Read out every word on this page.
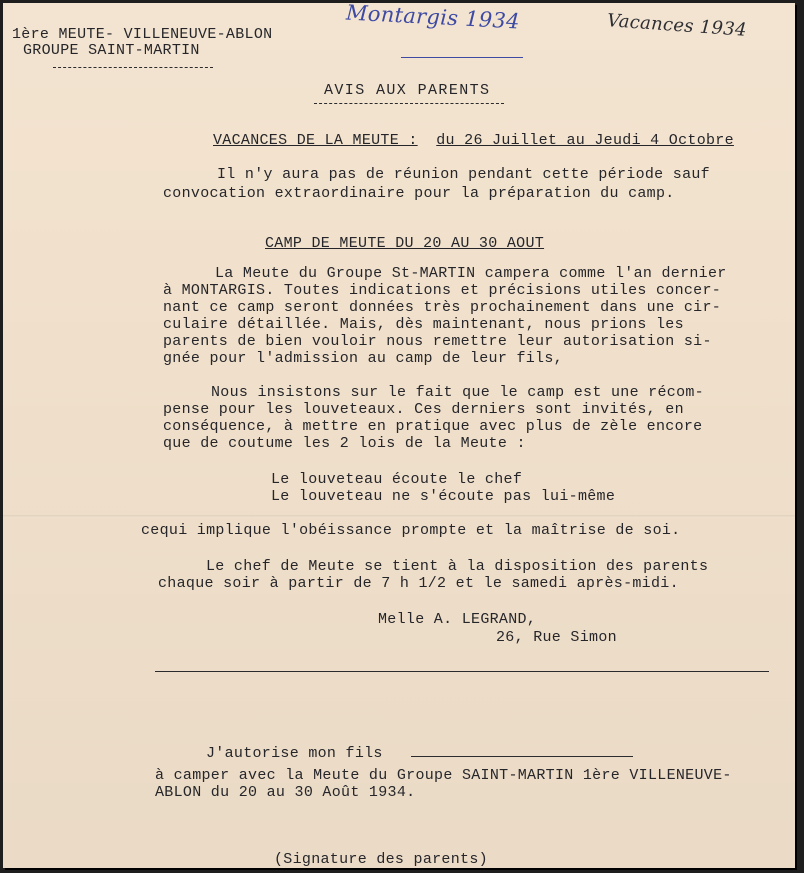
1ère MEUTE- VILLENEUVE-ABLON
GROUPE SAINT-MARTIN
Montargis 1934	Vacances 1934
AVIS AUX PARENTS
VACANCES DE LA MEUTE : du 26 Juillet au Jeudi 4 Octobre
Il n'y aura pas de réunion pendant cette période sauf
convocation extraordinaire pour la préparation du camp.
CAMP DE MEUTE DU 20 AU 30 AOUT
La Meute du Groupe St-MARTIN campera comme l'an dernier
à MONTARGIS. Toutes indications et précisions utiles concer-
nant ce camp seront données très prochainement dans une cir-
culaire détaillée. Mais, dès maintenant, nous prions les
parents de bien vouloir nous remettre leur autorisation si-
gnée pour l'admission au camp de leur fils,
Nous insistons sur le fait que le camp est une récom-
pense pour les louveteaux. Ces derniers sont invités, en
conséquence, à mettre en pratique avec plus de zèle encore
que de coutume les 2 lois de la Meute :
Le louveteau écoute le chef
Le louveteau ne s'écoute pas lui-même
cequi implique l'obéissance prompte et la maîtrise de soi.
Le chef de Meute se tient à la disposition des parents
chaque soir à partir de 7 h 1/2 et le samedi après-midi.
Melle A. LEGRAND,
26, Rue Simon
J'autorise mon fils
à camper avec la Meute du Groupe SAINT-MARTIN 1ère VILLENEUVE-
ABLON du 20 au 30 Août 1934.
(Signature des parents)
